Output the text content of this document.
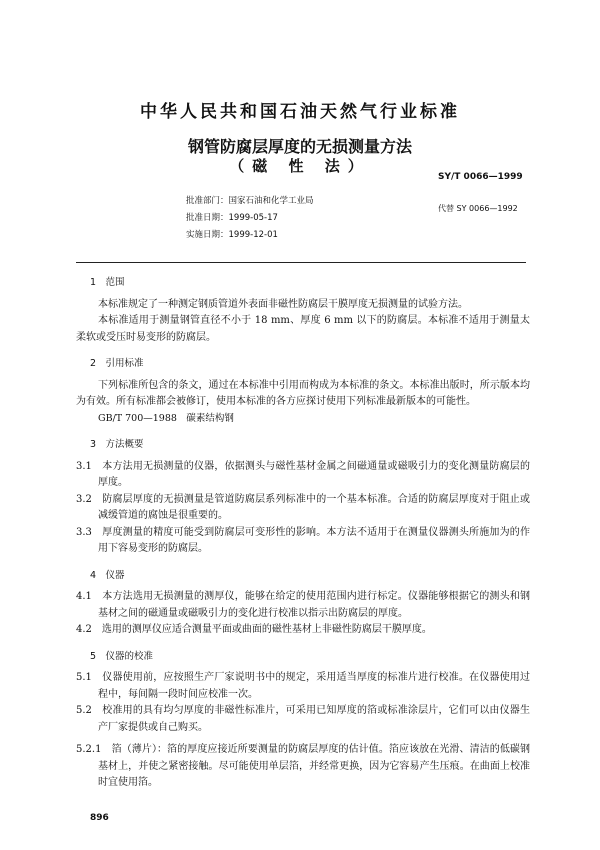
中华人民共和国石油天然气行业标准
钢管防腐层厚度的无损测量方法
（磁 性 法）
SY/T 0066—1999
代替 SY 0066—1992
批准部门：国家石油和化学工业局
批准日期：1999-05-17
实施日期：1999-12-01
1　范围

本标准规定了一种测定钢质管道外表面非磁性防腐层干膜厚度无损测量的试验方法。

本标准适用于测量钢管直径不小于 18 mm、厚度 6 mm 以下的防腐层。本标准不适用于测量太柔软或受压时易变形的防腐层。

2　引用标准

下列标准所包含的条文，通过在本标准中引用而构成为本标准的条文。本标准出版时，所示版本均为有效。所有标准都会被修订，使用本标准的各方应探讨使用下列标准最新版本的可能性。

GB/T 700—1988　碳素结构钢

3　方法概要

3.1　本方法用无损测量的仪器，依据测头与磁性基材金属之间磁通量或磁吸引力的变化测量防腐层的厚度。

3.2　防腐层厚度的无损测量是管道防腐层系列标准中的一个基本标准。合适的防腐层厚度对于阻止或减缓管道的腐蚀是很重要的。

3.3　厚度测量的精度可能受到防腐层可变形性的影响。本方法不适用于在测量仪器测头所施加为的作用下容易变形的防腐层。

4　仪器

4.1　本方法选用无损测量的测厚仪，能够在给定的使用范围内进行标定。仪器能够根据它的测头和钢基材之间的磁通量或磁吸引力的变化进行校准以指示出防腐层的厚度。

4.2　选用的测厚仪应适合测量平面或曲面的磁性基材上非磁性防腐层干膜厚度。

5　仪器的校准

5.1　仪器使用前，应按照生产厂家说明书中的规定，采用适当厚度的标准片进行校准。在仪器使用过程中，每间隔一段时间应校准一次。

5.2　校准用的具有均匀厚度的非磁性标准片，可采用已知厚度的箔或标准涂层片，它们可以由仪器生产厂家提供或自己购买。

5.2.1　箔（薄片）：箔的厚度应接近所要测量的防腐层厚度的估计值。箔应该放在光滑、清洁的低碳钢基材上，并使之紧密接触。尽可能使用单层箔，并经常更换，因为它容易产生压痕。在曲面上校准时宜使用箔。

896
